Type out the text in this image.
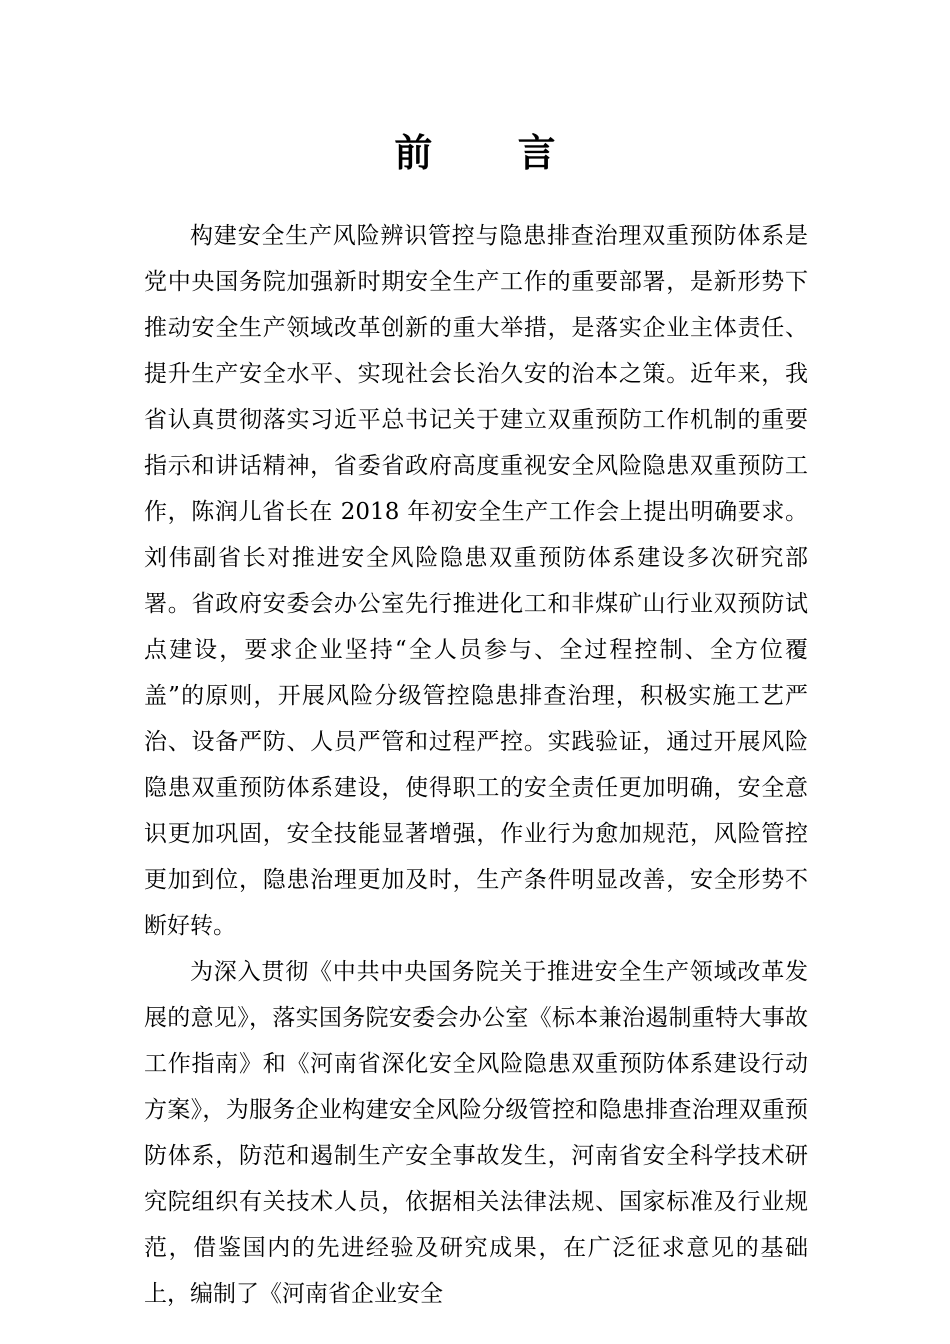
前 言

构建安全生产风险辨识管控与隐患排查治理双重预防体系是党中央国务院加强新时期安全生产工作的重要部署，是新形势下推动安全生产领域改革创新的重大举措，是落实企业主体责任、提升生产安全水平、实现社会长治久安的治本之策。近年来，我省认真贯彻落实习近平总书记关于建立双重预防工作机制的重要指示和讲话精神，省委省政府高度重视安全风险隐患双重预防工作，陈润儿省长在 2018 年初安全生产工作会上提出明确要求。刘伟副省长对推进安全风险隐患双重预防体系建设多次研究部署。省政府安委会办公室先行推进化工和非煤矿山行业双预防试点建设，要求企业坚持“全人员参与、全过程控制、全方位覆盖”的原则，开展风险分级管控隐患排查治理，积极实施工艺严治、设备严防、人员严管和过程严控。实践验证，通过开展风险隐患双重预防体系建设，使得职工的安全责任更加明确，安全意识更加巩固，安全技能显著增强，作业行为愈加规范，风险管控更加到位，隐患治理更加及时，生产条件明显改善，安全形势不断好转。

为深入贯彻《中共中央国务院关于推进安全生产领域改革发展的意见》，落实国务院安委会办公室《标本兼治遏制重特大事故工作指南》和《河南省深化安全风险隐患双重预防体系建设行动方案》，为服务企业构建安全风险分级管控和隐患排查治理双重预防体系，防范和遏制生产安全事故发生，河南省安全科学技术研究院组织有关技术人员，依据相关法律法规、国家标准及行业规范，借鉴国内的先进经验及研究成果，在广泛征求意见的基础上，编制了《河南省企业安全
